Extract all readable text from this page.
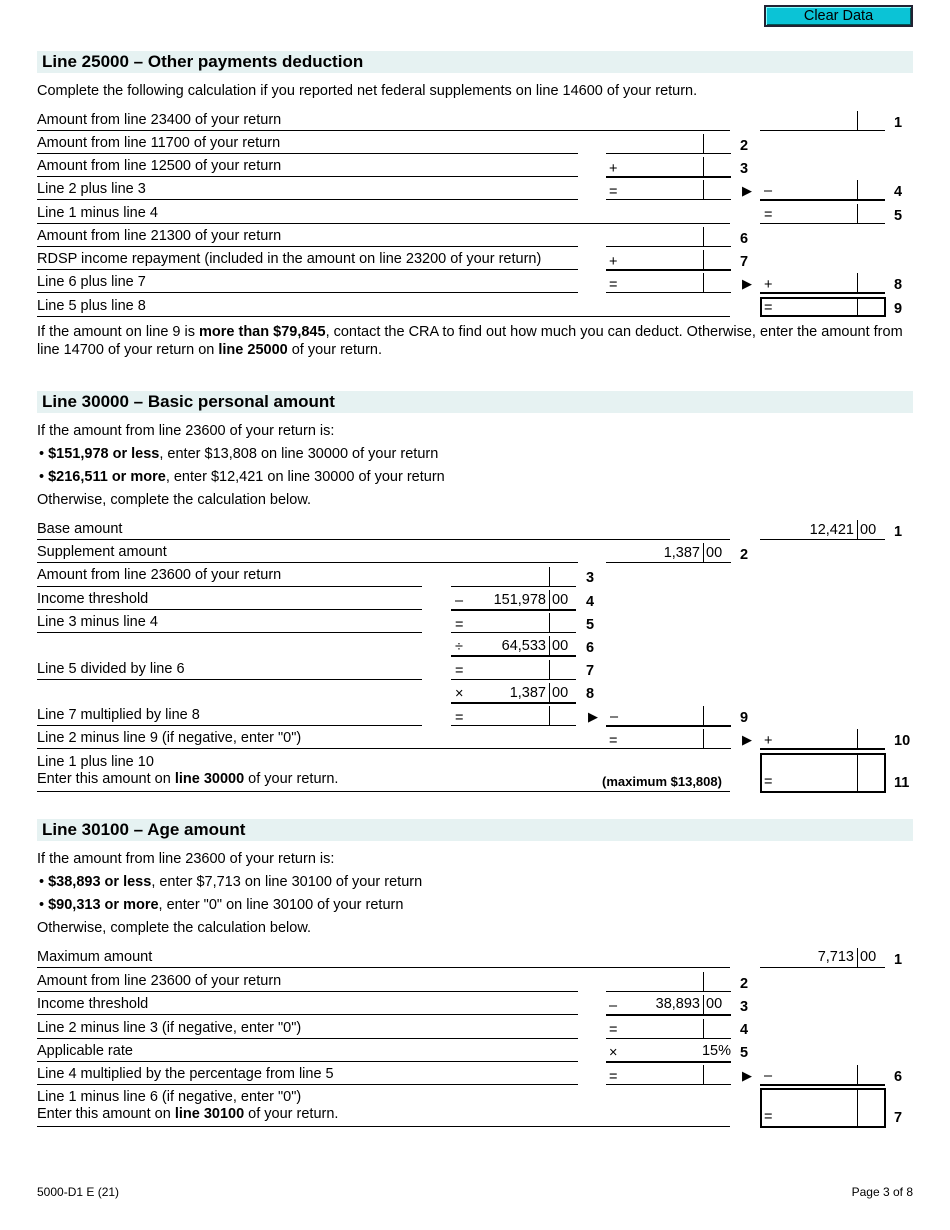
Clear Data
Line 25000 – Other payments deduction
Complete the following calculation if you reported net federal supplements on line 14600 of your return.
Amount from line 23400 of your return	1
Amount from line 11700 of your return	2
Amount from line 12500 of your return	+	3
Line 2 plus line 3	=	▶ –	4
Line 1 minus line 4	=	5
Amount from line 21300 of your return	6
RDSP income repayment (included in the amount on line 23200 of your return)	+	7
Line 6 plus line 7	=	▶ +	8
Line 5 plus line 8	=	9
If the amount on line 9 is more than $79,845, contact the CRA to find out how much you can deduct. Otherwise, enter the amount from line 14700 of your return on line 25000 of your return.
Line 30000 – Basic personal amount
If the amount from line 23600 of your return is:
• $151,978 or less, enter $13,808 on line 30000 of your return
• $216,511 or more, enter $12,421 on line 30000 of your return
Otherwise, complete the calculation below.
Base amount	12,421 00 1
Supplement amount	1,387 00 2
Amount from line 23600 of your return	3
Income threshold	–	151,978 00 4
Line 3 minus line 4	=	5
÷	64,533 00 6
Line 5 divided by line 6	=	7
×	1,387 00 8
Line 7 multiplied by line 8	=	▶ –	9
Line 2 minus line 9 (if negative, enter "0")	=	▶ +	10
Line 1 plus line 10
Enter this amount on line 30000 of your return.	(maximum $13,808)	=	11
Line 30100 – Age amount
If the amount from line 23600 of your return is:
• $38,893 or less, enter $7,713 on line 30100 of your return
• $90,313 or more, enter "0" on line 30100 of your return
Otherwise, complete the calculation below.
Maximum amount	7,713 00 1
Amount from line 23600 of your return	2
Income threshold	–	38,893 00 3
Line 2 minus line 3 (if negative, enter "0")	=	4
Applicable rate	×	15% 5
Line 4 multiplied by the percentage from line 5	=	▶ –	6
Line 1 minus line 6 (if negative, enter "0")
Enter this amount on line 30100 of your return.	=	7
5000-D1 E (21)	Page 3 of 8
